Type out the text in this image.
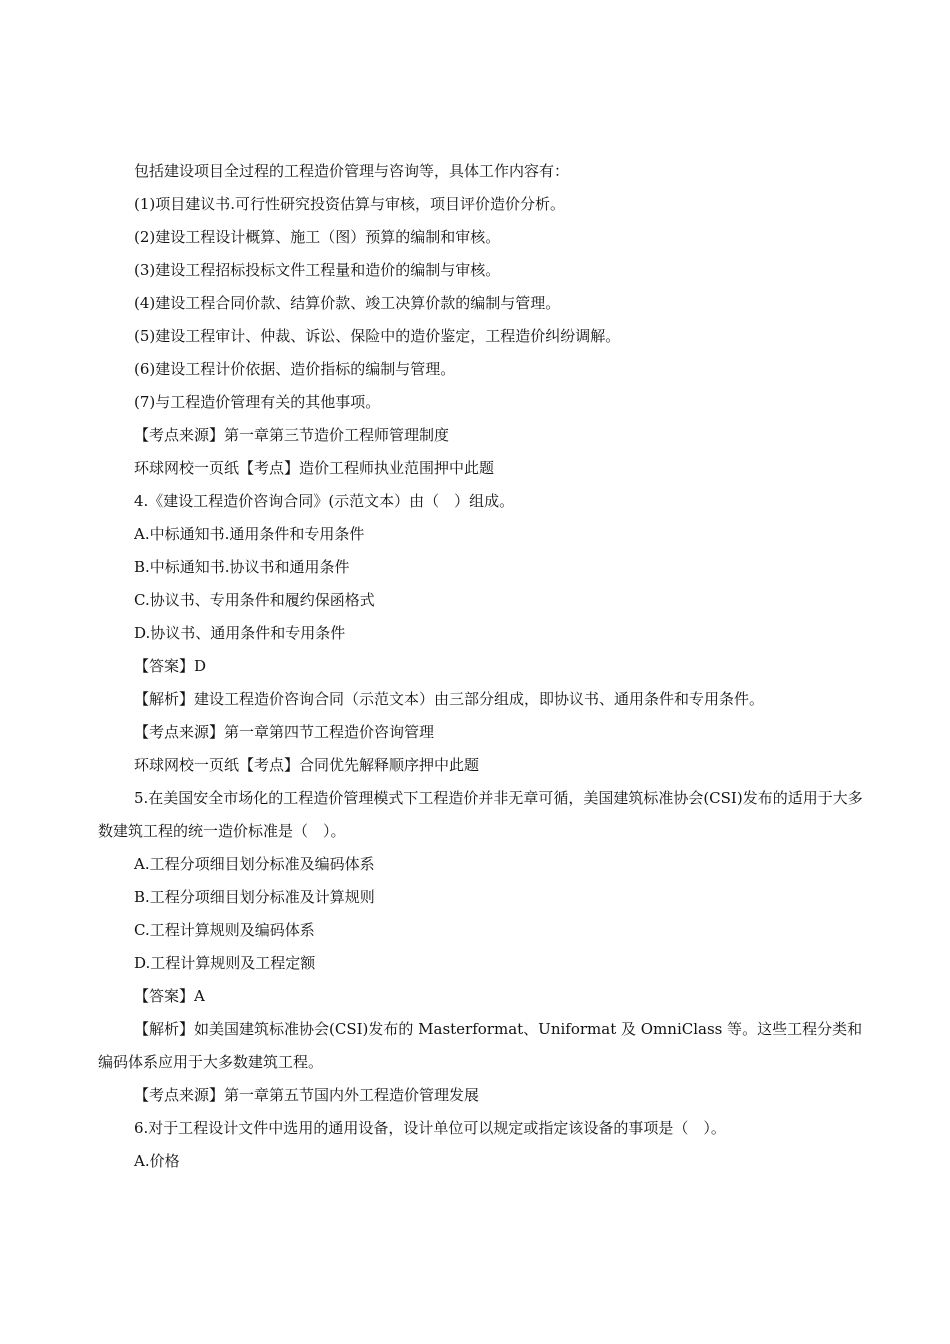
包括建设项目全过程的工程造价管理与咨询等，具体工作内容有：
(1)项目建议书.可行性研究投资估算与审核，项目评价造价分析。
(2)建设工程设计概算、施工（图）预算的编制和审核。
(3)建设工程招标投标文件工程量和造价的编制与审核。
(4)建设工程合同价款、结算价款、竣工决算价款的编制与管理。
(5)建设工程审计、仲裁、诉讼、保险中的造价鉴定，工程造价纠纷调解。
(6)建设工程计价依据、造价指标的编制与管理。
(7)与工程造价管理有关的其他事项。
【考点来源】第一章第三节造价工程师管理制度
环球网校一页纸【考点】造价工程师执业范围押中此题
4.《建设工程造价咨询合同》(示范文本）由（　）组成。
A.中标通知书.通用条件和专用条件
B.中标通知书.协议书和通用条件
C.协议书、专用条件和履约保函格式
D.协议书、通用条件和专用条件
【答案】D
【解析】建设工程造价咨询合同（示范文本）由三部分组成，即协议书、通用条件和专用条件。
【考点来源】第一章第四节工程造价咨询管理
环球网校一页纸【考点】合同优先解释顺序押中此题
5.在美国安全市场化的工程造价管理模式下工程造价并非无章可循，美国建筑标准协会(CSI)发布的适用于大多数建筑工程的统一造价标准是（　）。
A.工程分项细目划分标准及编码体系
B.工程分项细目划分标准及计算规则
C.工程计算规则及编码体系
D.工程计算规则及工程定额
【答案】A
【解析】如美国建筑标准协会(CSI)发布的 Masterformat、Uniformat 及 OmniClass 等。这些工程分类和编码体系应用于大多数建筑工程。
【考点来源】第一章第五节国内外工程造价管理发展
6.对于工程设计文件中选用的通用设备，设计单位可以规定或指定该设备的事项是（　）。
A.价格
